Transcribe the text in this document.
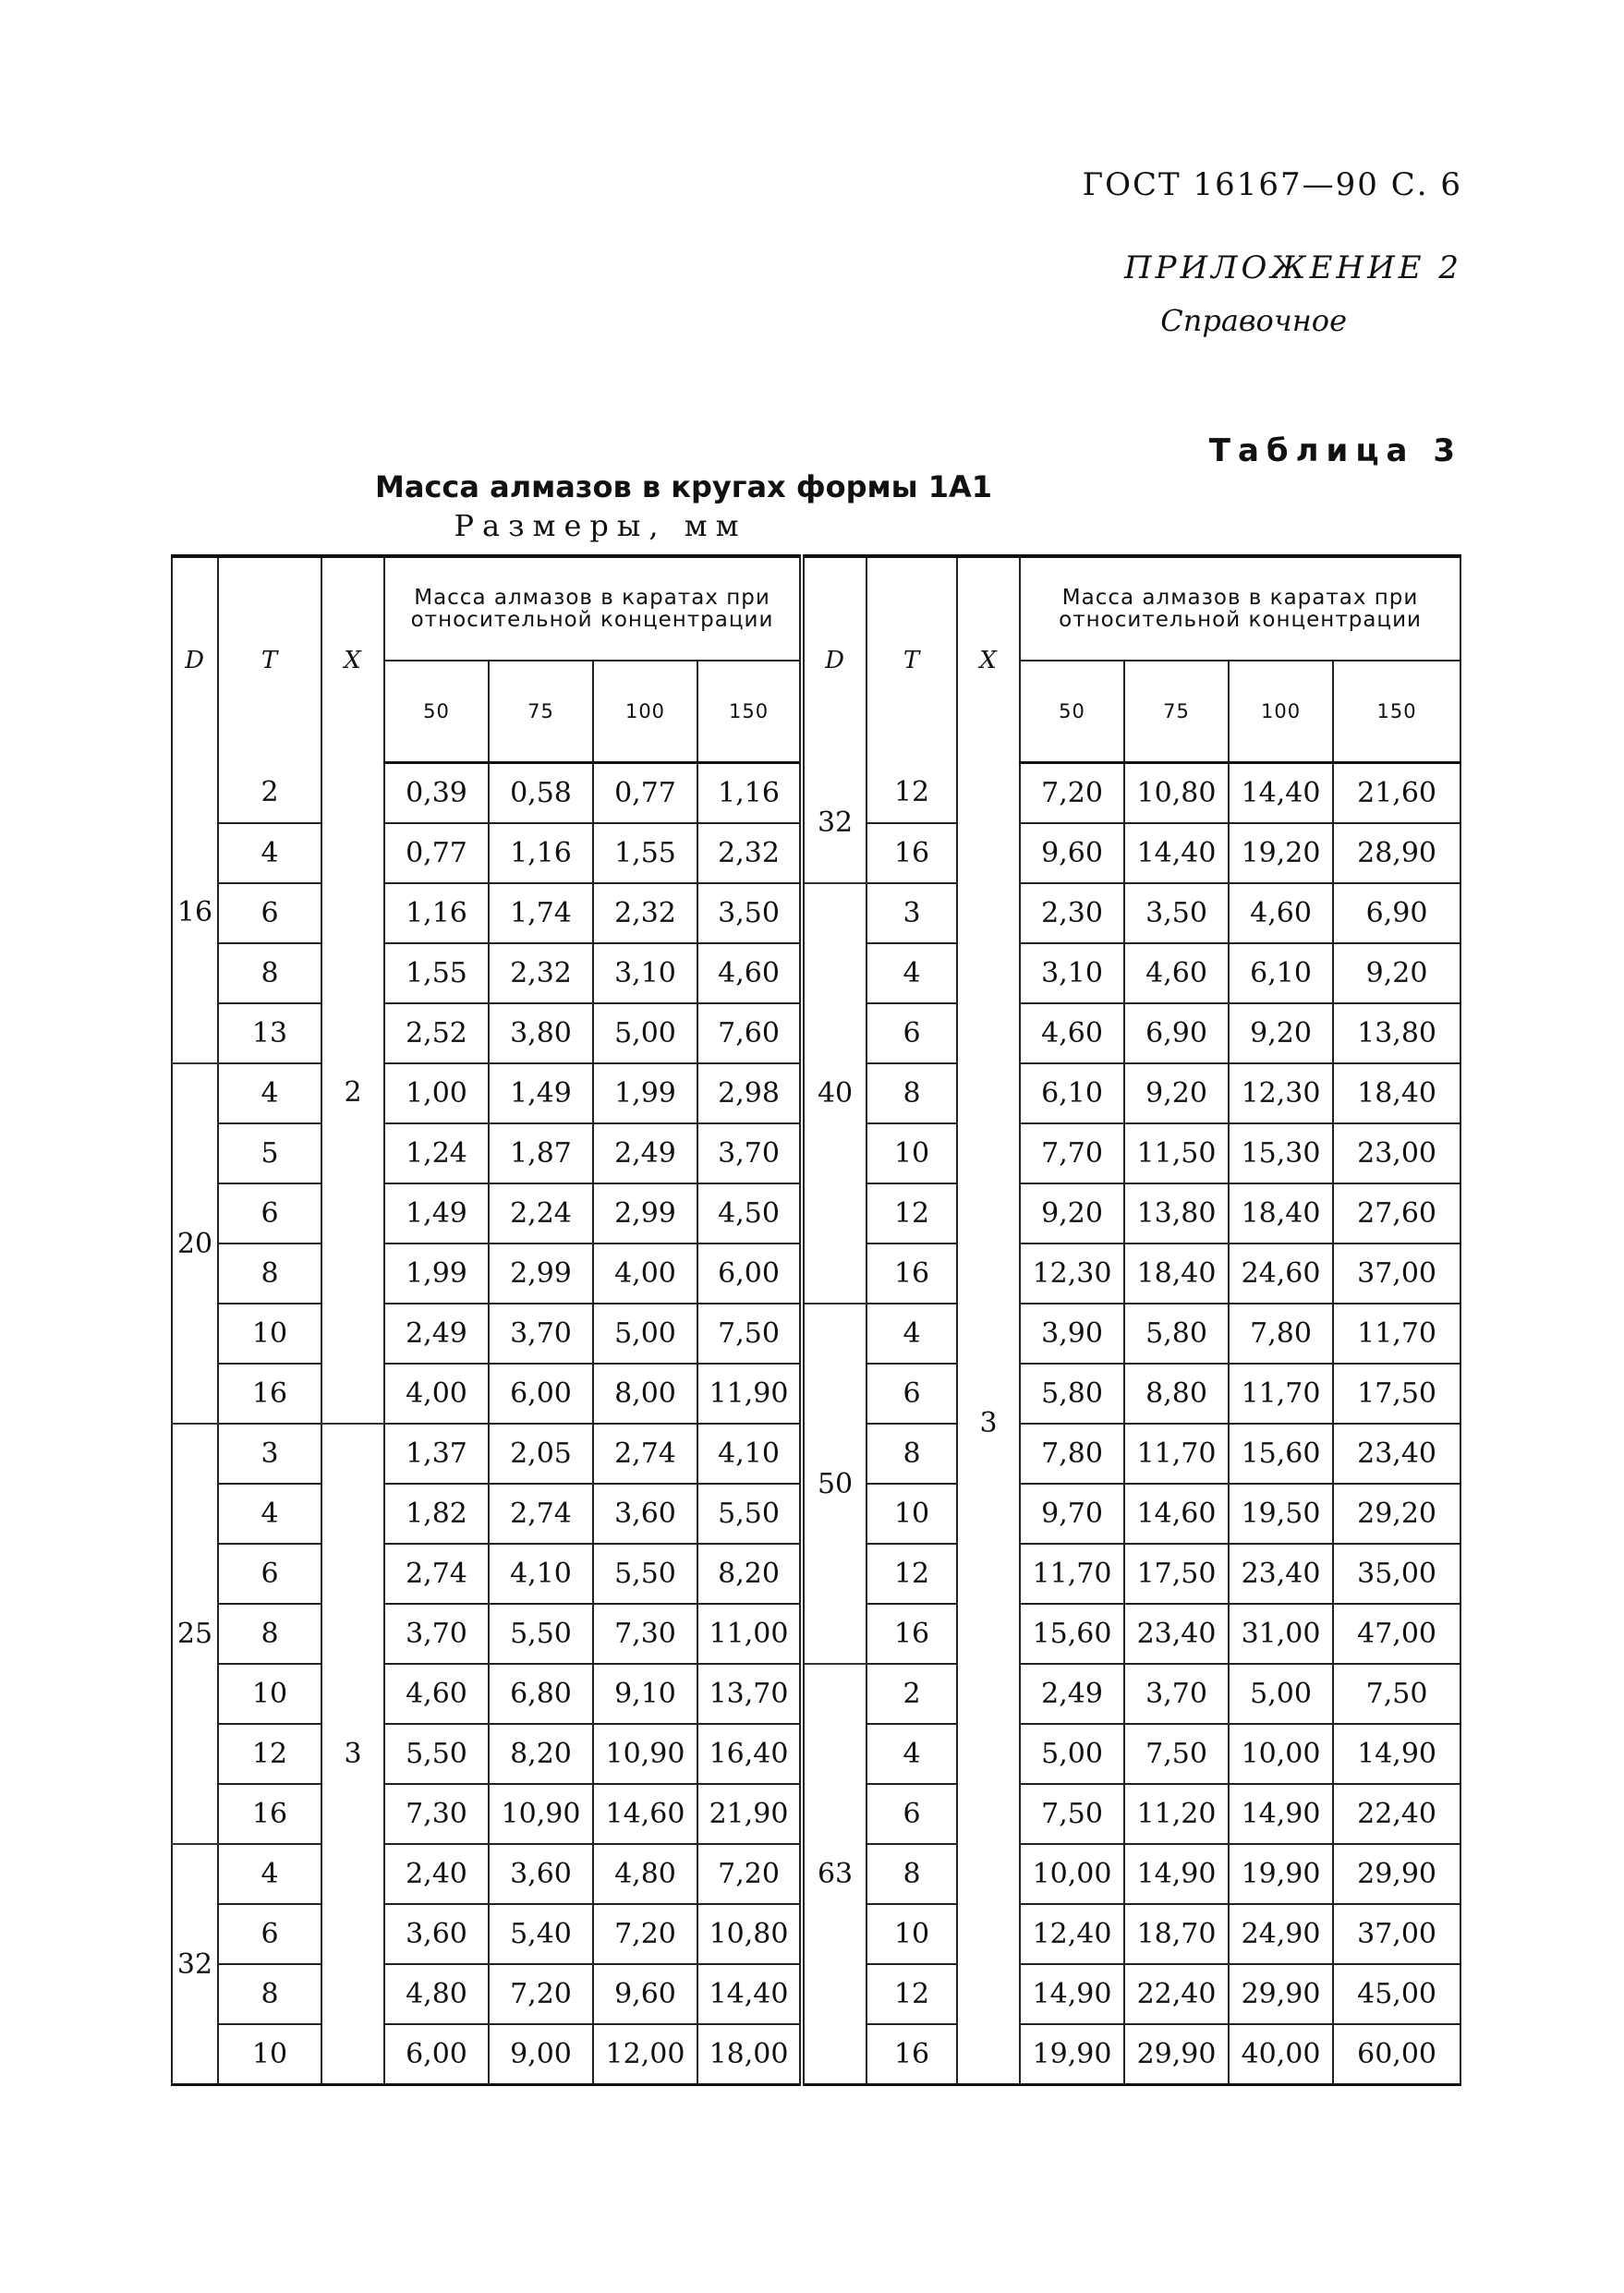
ГОСТ 16167—90 С. 6
ПРИЛОЖЕНИЕ 2
Справочное
Таблица 3
Масса алмазов в кругах формы 1А1
Размеры, мм
D	T	X	Масса алмазов в каратах при относительной концентрации				D	T	X	Масса алмазов в каратах при относительной концентрации			
			50	75	100	150				50	75	100	150
16	2	2	0,39	0,58	0,77	1,16	32	12	3	7,20	10,80	14,40	21,60
	4		0,77	1,16	1,55	2,32		16		9,60	14,40	19,20	28,90
	6		1,16	1,74	2,32	3,50	40	3		2,30	3,50	4,60	6,90
	8		1,55	2,32	3,10	4,60		4		3,10	4,60	6,10	9,20
	13		2,52	3,80	5,00	7,60		6		4,60	6,90	9,20	13,80
20	4		1,00	1,49	1,99	2,98		8		6,10	9,20	12,30	18,40
	5		1,24	1,87	2,49	3,70		10		7,70	11,50	15,30	23,00
	6		1,49	2,24	2,99	4,50		12		9,20	13,80	18,40	27,60
	8		1,99	2,99	4,00	6,00		16		12,30	18,40	24,60	37,00
	10		2,49	3,70	5,00	7,50	50	4		3,90	5,80	7,80	11,70
	16		4,00	6,00	8,00	11,90		6		5,80	8,80	11,70	17,50
25	3	3	1,37	2,05	2,74	4,10		8		7,80	11,70	15,60	23,40
	4		1,82	2,74	3,60	5,50		10		9,70	14,60	19,50	29,20
	6		2,74	4,10	5,50	8,20		12		11,70	17,50	23,40	35,00
	8		3,70	5,50	7,30	11,00		16		15,60	23,40	31,00	47,00
	10		4,60	6,80	9,10	13,70	63	2		2,49	3,70	5,00	7,50
	12		5,50	8,20	10,90	16,40		4		5,00	7,50	10,00	14,90
	16		7,30	10,90	14,60	21,90		6		7,50	11,20	14,90	22,40
32	4		2,40	3,60	4,80	7,20		8		10,00	14,90	19,90	29,90
	6		3,60	5,40	7,20	10,80		10		12,40	18,70	24,90	37,00
	8		4,80	7,20	9,60	14,40		12		14,90	22,40	29,90	45,00
	10		6,00	9,00	12,00	18,00		16		19,90	29,90	40,00	60,00
